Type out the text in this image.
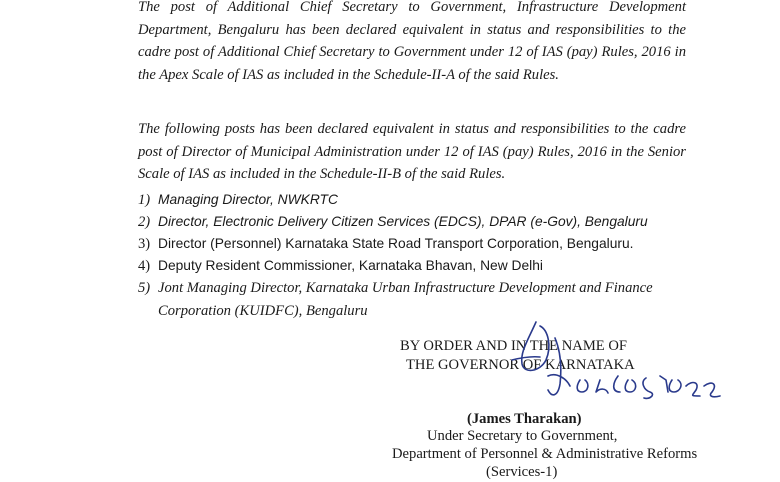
The post of Additional Chief Secretary to Government, Infrastructure Development Department, Bengaluru has been declared equivalent in status and responsibilities to the cadre post of Additional Chief Secretary to Government under 12 of IAS (pay) Rules, 2016 in the Apex Scale of IAS as included in the Schedule-II-A of the said Rules.

The following posts has been declared equivalent in status and responsibilities to the cadre post of Director of Municipal Administration under 12 of IAS (pay) Rules, 2016 in the Senior Scale of IAS as included in the Schedule-II-B of the said Rules.

1) Managing Director, NWKRTC
2) Director, Electronic Delivery Citizen Services (EDCS), DPAR (e-Gov), Bengaluru
3) Director (Personnel) Karnataka State Road Transport Corporation, Bengaluru.
4) Deputy Resident Commissioner, Karnataka Bhavan, New Delhi
5) Jont Managing Director, Karnataka Urban Infrastructure Development and Finance Corporation (KUIDFC), Bengaluru
BY ORDER AND IN THE NAME OF
THE GOVERNOR OF KARNATAKA
(James Tharakan)
Under Secretary to Government,
Department of Personnel & Administrative Reforms
(Services-1)
